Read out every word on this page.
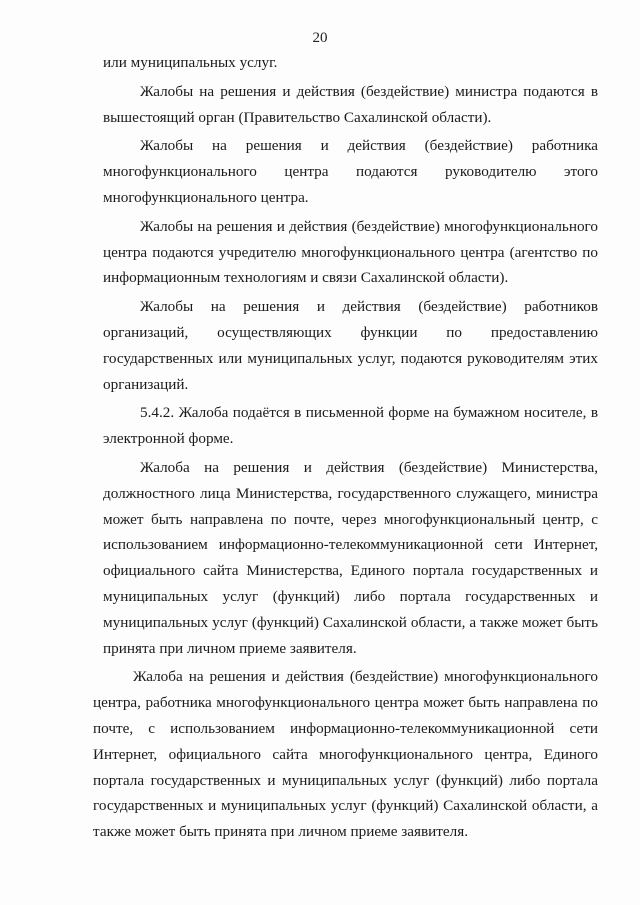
20

или муниципальных услуг.

Жалобы на решения и действия (бездействие) министра подаются в вышестоящий орган (Правительство Сахалинской области).

Жалобы на решения и действия (бездействие) работника многофункционального центра подаются руководителю этого многофункционального центра.

Жалобы на решения и действия (бездействие) многофункционального центра подаются учредителю многофункционального центра (агентство по информационным технологиям и связи Сахалинской области).

Жалобы на решения и действия (бездействие) работников организаций, осуществляющих функции по предоставлению государственных или муниципальных услуг, подаются руководителям этих организаций.

5.4.2. Жалоба подаётся в письменной форме на бумажном носителе, в электронной форме.

Жалоба на решения и действия (бездействие) Министерства, должностного лица Министерства, государственного служащего, министра может быть направлена по почте, через многофункциональный центр, с использованием информационно-телекоммуникационной сети Интернет, официального сайта Министерства, Единого портала государственных и муниципальных услуг (функций) либо портала государственных и муниципальных услуг (функций) Сахалинской области, а также может быть принята при личном приеме заявителя.

Жалоба на решения и действия (бездействие) многофункционального центра, работника многофункционального центра может быть направлена по почте, с использованием информационно-телекоммуникационной сети Интернет, официального сайта многофункционального центра, Единого портала государственных и муниципальных услуг (функций) либо портала государственных и муниципальных услуг (функций) Сахалинской области, а также может быть принята при личном приеме заявителя.
